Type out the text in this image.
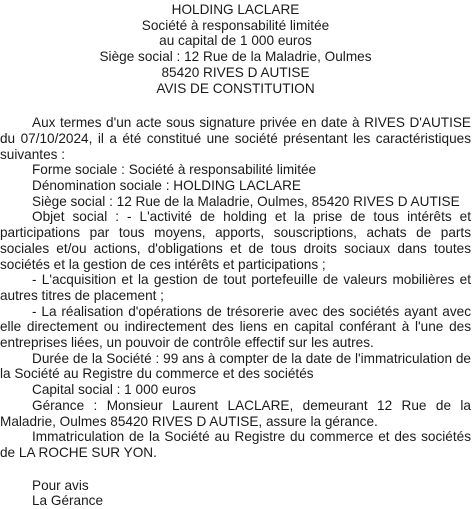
HOLDING LACLARE
Société à responsabilité limitée
au capital de 1 000 euros
Siège social : 12 Rue de la Maladrie, Oulmes
85420 RIVES D AUTISE
AVIS DE CONSTITUTION

Aux termes d'un acte sous signature privée en date à RIVES D'AUTISE du 07/10/2024, il a été constitué une société présentant les caractéristiques suivantes :

Forme sociale : Société à responsabilité limitée
Dénomination sociale : HOLDING LACLARE
Siège social : 12 Rue de la Maladrie, Oulmes, 85420 RIVES D AUTISE

Objet social : - L'activité de holding et la prise de tous intérêts et participations par tous moyens, apports, souscriptions, achats de parts sociales et/ou actions, d'obligations et de tous droits sociaux dans toutes sociétés et la gestion de ces intérêts et participations ;

- L'acquisition et la gestion de tout portefeuille de valeurs mobilières et autres titres de placement ;

- La réalisation d'opérations de trésorerie avec des sociétés ayant avec elle directement ou indirectement des liens en capital conférant à l'une des entreprises liées, un pouvoir de contrôle effectif sur les autres.

Durée de la Société : 99 ans à compter de la date de l'immatriculation de la Société au Registre du commerce et des sociétés

Capital social : 1 000 euros

Gérance : Monsieur Laurent LACLARE, demeurant 12 Rue de la Maladrie, Oulmes 85420 RIVES D AUTISE, assure la gérance.

Immatriculation de la Société au Registre du commerce et des sociétés de LA ROCHE SUR YON.

Pour avis
La Gérance
